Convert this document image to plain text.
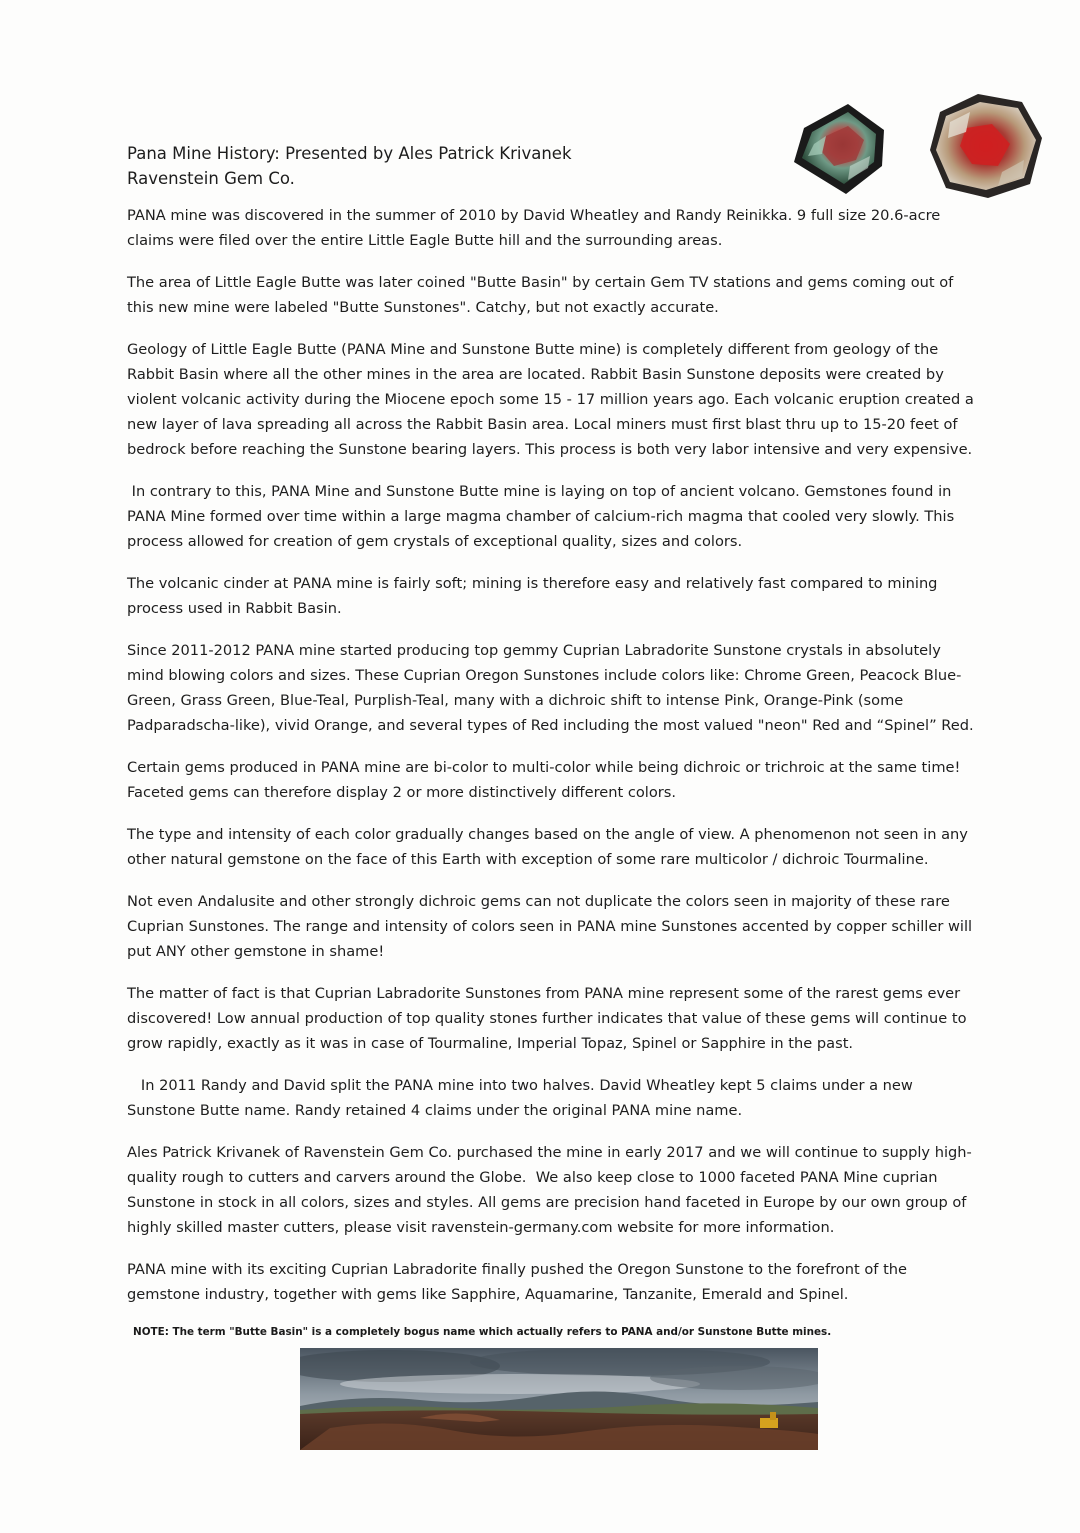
Pana Mine History: Presented by Ales Patrick Krivanek
Ravenstein Gem Co.

PANA mine was discovered in the summer of 2010 by David Wheatley and Randy Reinikka. 9 full size 20.6-acre
claims were filed over the entire Little Eagle Butte hill and the surrounding areas.

The area of Little Eagle Butte was later coined "Butte Basin" by certain Gem TV stations and gems coming out of
this new mine were labeled "Butte Sunstones". Catchy, but not exactly accurate.

Geology of Little Eagle Butte (PANA Mine and Sunstone Butte mine) is completely different from geology of the
Rabbit Basin where all the other mines in the area are located. Rabbit Basin Sunstone deposits were created by
violent volcanic activity during the Miocene epoch some 15 - 17 million years ago. Each volcanic eruption created a
new layer of lava spreading all across the Rabbit Basin area. Local miners must first blast thru up to 15-20 feet of
bedrock before reaching the Sunstone bearing layers. This process is both very labor intensive and very expensive.

In contrary to this, PANA Mine and Sunstone Butte mine is laying on top of ancient volcano. Gemstones found in
PANA Mine formed over time within a large magma chamber of calcium-rich magma that cooled very slowly. This
process allowed for creation of gem crystals of exceptional quality, sizes and colors.

The volcanic cinder at PANA mine is fairly soft; mining is therefore easy and relatively fast compared to mining
process used in Rabbit Basin.

Since 2011-2012 PANA mine started producing top gemmy Cuprian Labradorite Sunstone crystals in absolutely
mind blowing colors and sizes. These Cuprian Oregon Sunstones include colors like: Chrome Green, Peacock Blue-
Green, Grass Green, Blue-Teal, Purplish-Teal, many with a dichroic shift to intense Pink, Orange-Pink (some
Padparadscha-like), vivid Orange, and several types of Red including the most valued "neon" Red and “Spinel” Red.

Certain gems produced in PANA mine are bi-color to multi-color while being dichroic or trichroic at the same time!
Faceted gems can therefore display 2 or more distinctively different colors.

The type and intensity of each color gradually changes based on the angle of view. A phenomenon not seen in any
other natural gemstone on the face of this Earth with exception of some rare multicolor / dichroic Tourmaline.

Not even Andalusite and other strongly dichroic gems can not duplicate the colors seen in majority of these rare
Cuprian Sunstones. The range and intensity of colors seen in PANA mine Sunstones accented by copper schiller will
put ANY other gemstone in shame!

The matter of fact is that Cuprian Labradorite Sunstones from PANA mine represent some of the rarest gems ever
discovered! Low annual production of top quality stones further indicates that value of these gems will continue to
grow rapidly, exactly as it was in case of Tourmaline, Imperial Topaz, Spinel or Sapphire in the past.

In 2011 Randy and David split the PANA mine into two halves. David Wheatley kept 5 claims under a new
Sunstone Butte name. Randy retained 4 claims under the original PANA mine name.

Ales Patrick Krivanek of Ravenstein Gem Co. purchased the mine in early 2017 and we will continue to supply high-
quality rough to cutters and carvers around the Globe.  We also keep close to 1000 faceted PANA Mine cuprian
Sunstone in stock in all colors, sizes and styles. All gems are precision hand faceted in Europe by our own group of
highly skilled master cutters, please visit ravenstein-germany.com website for more information.

PANA mine with its exciting Cuprian Labradorite finally pushed the Oregon Sunstone to the forefront of the
gemstone industry, together with gems like Sapphire, Aquamarine, Tanzanite, Emerald and Spinel.

NOTE: The term "Butte Basin" is a completely bogus name which actually refers to PANA and/or Sunstone Butte mines.
